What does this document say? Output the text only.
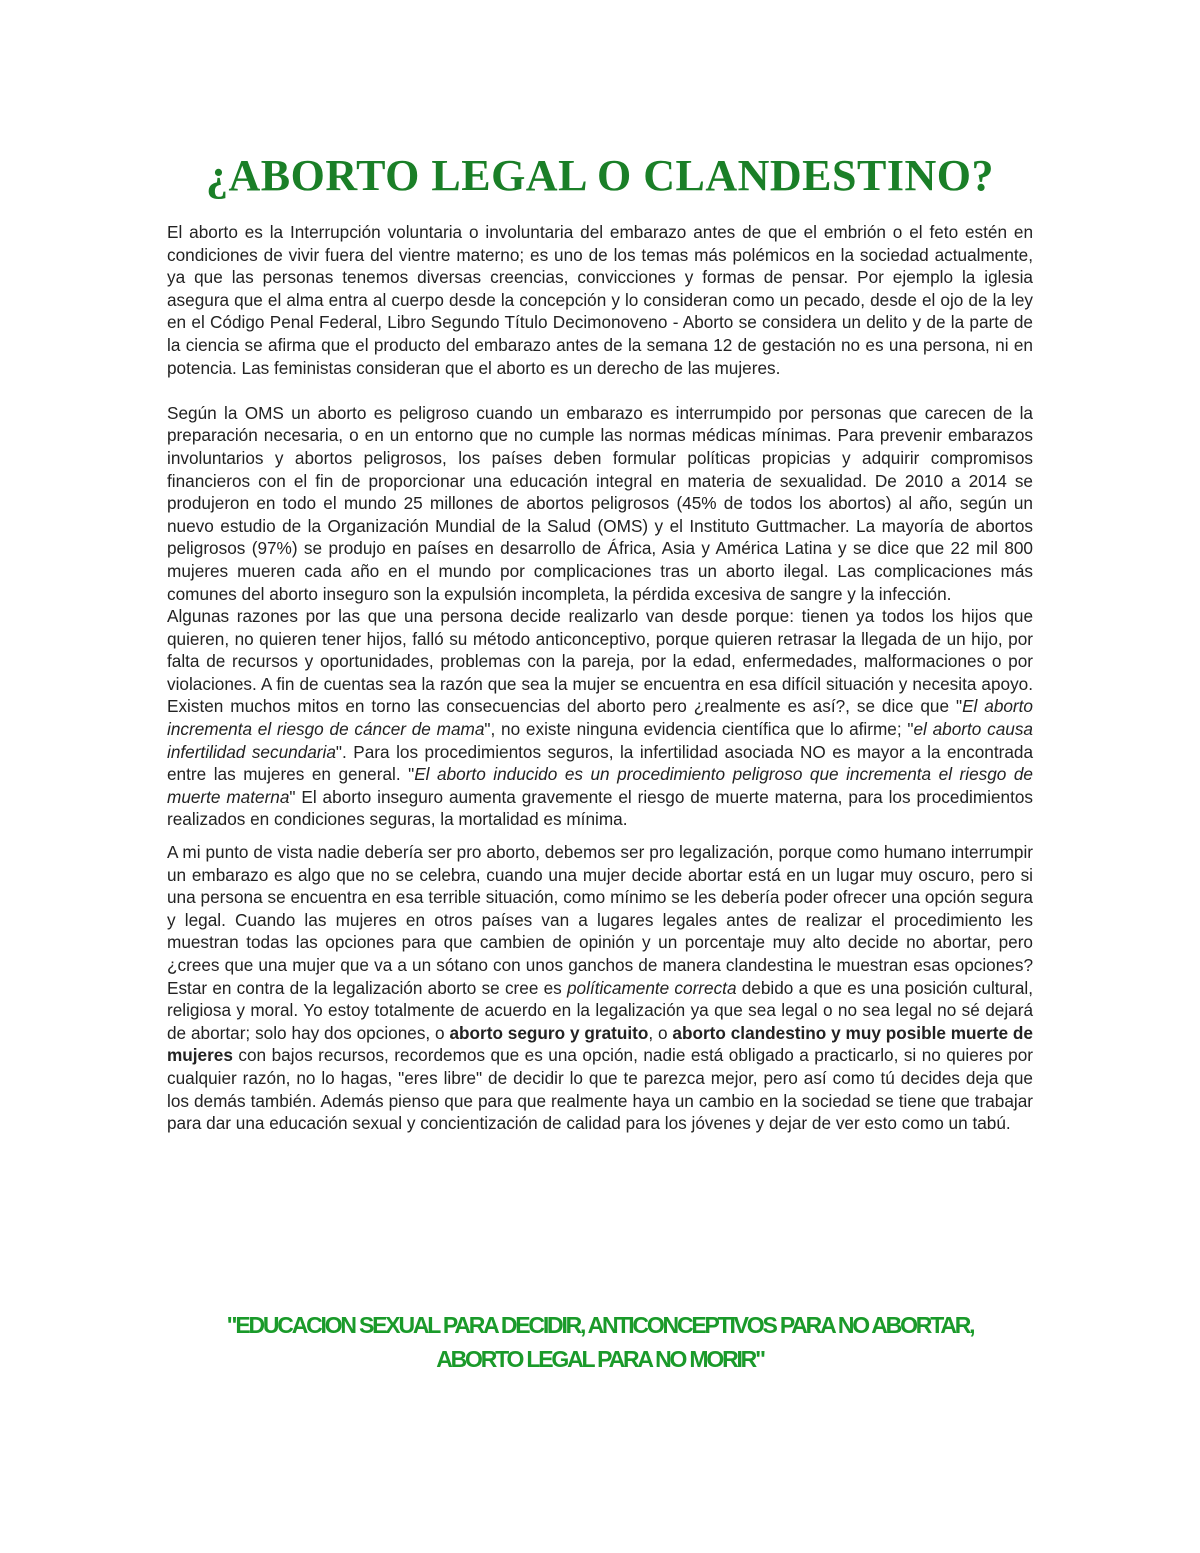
¿ABORTO LEGAL O CLANDESTINO?

El aborto es la Interrupción voluntaria o involuntaria del embarazo antes de que el embrión o el feto estén en condiciones de vivir fuera del vientre materno; es uno de los temas más polémicos en la sociedad actualmente, ya que las personas tenemos diversas creencias, convicciones y formas de pensar. Por ejemplo la iglesia asegura que el alma entra al cuerpo desde la concepción y lo consideran como un pecado, desde el ojo de la ley en el Código Penal Federal, Libro Segundo Título Decimonoveno - Aborto se considera un delito y de la parte de la ciencia se afirma que el producto del embarazo antes de la semana 12 de gestación no es una persona, ni en potencia. Las feministas consideran que el aborto es un derecho de las mujeres.

Según la OMS un aborto es peligroso cuando un embarazo es interrumpido por personas que carecen de la preparación necesaria, o en un entorno que no cumple las normas médicas mínimas. Para prevenir embarazos involuntarios y abortos peligrosos, los países deben formular políticas propicias y adquirir compromisos financieros con el fin de proporcionar una educación integral en materia de sexualidad. De 2010 a 2014 se produjeron en todo el mundo 25 millones de abortos peligrosos (45% de todos los abortos) al año, según un nuevo estudio de la Organización Mundial de la Salud (OMS) y el Instituto Guttmacher. La mayoría de abortos peligrosos (97%) se produjo en países en desarrollo de África, Asia y América Latina y se dice que 22 mil 800 mujeres mueren cada año en el mundo por complicaciones tras un aborto ilegal. Las complicaciones más comunes del aborto inseguro son la expulsión incompleta, la pérdida excesiva de sangre y la infección.

Algunas razones por las que una persona decide realizarlo van desde porque: tienen ya todos los hijos que quieren, no quieren tener hijos, falló su método anticonceptivo, porque quieren retrasar la llegada de un hijo, por falta de recursos y oportunidades, problemas con la pareja, por la edad, enfermedades, malformaciones o por violaciones. A fin de cuentas sea la razón que sea la mujer se encuentra en esa difícil situación y necesita apoyo. Existen muchos mitos en torno las consecuencias del aborto pero ¿realmente es así?, se dice que "El aborto incrementa el riesgo de cáncer de mama", no existe ninguna evidencia científica que lo afirme; "el aborto causa infertilidad secundaria". Para los procedimientos seguros, la infertilidad asociada NO es mayor a la encontrada entre las mujeres en general. "El aborto inducido es un procedimiento peligroso que incrementa el riesgo de muerte materna" El aborto inseguro aumenta gravemente el riesgo de muerte materna, para los procedimientos realizados en condiciones seguras, la mortalidad es mínima.

A mi punto de vista nadie debería ser pro aborto, debemos ser pro legalización, porque como humano interrumpir un embarazo es algo que no se celebra, cuando una mujer decide abortar está en un lugar muy oscuro, pero si una persona se encuentra en esa terrible situación, como mínimo se les debería poder ofrecer una opción segura y legal. Cuando las mujeres en otros países van a lugares legales antes de realizar el procedimiento les muestran todas las opciones para que cambien de opinión y un porcentaje muy alto decide no abortar, pero ¿crees que una mujer que va a un sótano con unos ganchos de manera clandestina le muestran esas opciones? Estar en contra de la legalización aborto se cree es políticamente correcta debido a que es una posición cultural, religiosa y moral. Yo estoy totalmente de acuerdo en la legalización ya que sea legal o no sea legal no sé dejará de abortar; solo hay dos opciones, o aborto seguro y gratuito, o aborto clandestino y muy posible muerte de mujeres con bajos recursos, recordemos que es una opción, nadie está obligado a practicarlo, si no quieres por cualquier razón, no lo hagas, "eres libre" de decidir lo que te parezca mejor, pero así como tú decides deja que los demás también. Además pienso que para que realmente haya un cambio en la sociedad se tiene que trabajar para dar una educación sexual y concientización de calidad para los jóvenes y dejar de ver esto como un tabú.

"EDUCACION SEXUAL PARA DECIDIR, ANTICONCEPTIVOS PARA NO ABORTAR,
ABORTO LEGAL PARA NO MORIR"
